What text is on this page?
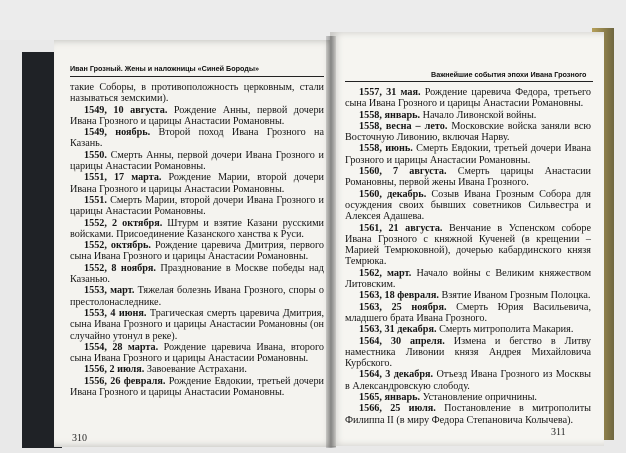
Иван Грозный. Жены и наложницы «Синей Бороды»
Важнейшие события эпохи Ивана Грозного

такие Соборы, в противоположность церковным, стали называться земскими).

1549, 10 августа. Рождение Анны, первой дочери Ивана Грозного и царицы Анастасии Романовны.

1549, ноябрь. Второй поход Ивана Грозного на Казань.

1550. Смерть Анны, первой дочери Ивана Грозного и царицы Анастасии Романовны.

1551, 17 марта. Рождение Марии, второй дочери Ивана Грозного и царицы Анастасии Романовны.

1551. Смерть Марии, второй дочери Ивана Грозного и царицы Анастасии Романовны.

1552, 2 октября. Штурм и взятие Казани русскими войсками. Присоединение Казанского ханства к Руси.

1552, октябрь. Рождение царевича Дмитрия, первого сына Ивана Грозного и царицы Анастасии Романовны.

1552, 8 ноября. Празднование в Москве победы над Казанью.

1553, март. Тяжелая болезнь Ивана Грозного, споры о престолонаследнике.

1553, 4 июня. Трагическая смерть царевича Дмитрия, сына Ивана Грозного и царицы Анастасии Романовны (он случайно утонул в реке).

1554, 28 марта. Рождение царевича Ивана, второго сына Ивана Грозного и царицы Анастасии Романовны.

1556, 2 июля. Завоевание Астрахани.

1556, 26 февраля. Рождение Евдокии, третьей дочери Ивана Грозного и царицы Анастасии Романовны.

1557, 31 мая. Рождение царевича Федора, третьего сына Ивана Грозного и царицы Анастасии Романовны.

1558, январь. Начало Ливонской войны.

1558, весна – лето. Московские войска заняли всю Восточную Ливонию, включая Нарву.

1558, июнь. Смерть Евдокии, третьей дочери Ивана Грозного и царицы Анастасии Романовны.

1560, 7 августа. Смерть царицы Анастасии Романовны, первой жены Ивана Грозного.

1560, декабрь. Созыв Ивана Грозным Собора для осуждения своих бывших советников Сильвестра и Алексея Адашева.

1561, 21 августа. Венчание в Успенском соборе Ивана Грозного с княжной Кученей (в крещении – Марией Темрюковной), дочерью кабардинского князя Темрюка.

1562, март. Начало войны с Великим княжеством Литовским.

1563, 18 февраля. Взятие Иваном Грозным Полоцка.

1563, 25 ноября. Смерть Юрия Васильевича, младшего брата Ивана Грозного.

1563, 31 декабря. Смерть митрополита Макария.

1564, 30 апреля. Измена и бегство в Литву наместника Ливонии князя Андрея Михайловича Курбского.

1564, 3 декабря. Отъезд Ивана Грозного из Москвы в Александровскую слободу.

1565, январь. Установление опричнины.

1566, 25 июля. Постановление в митрополиты Филиппа II (в миру Федора Степановича Колычева).

310
311
